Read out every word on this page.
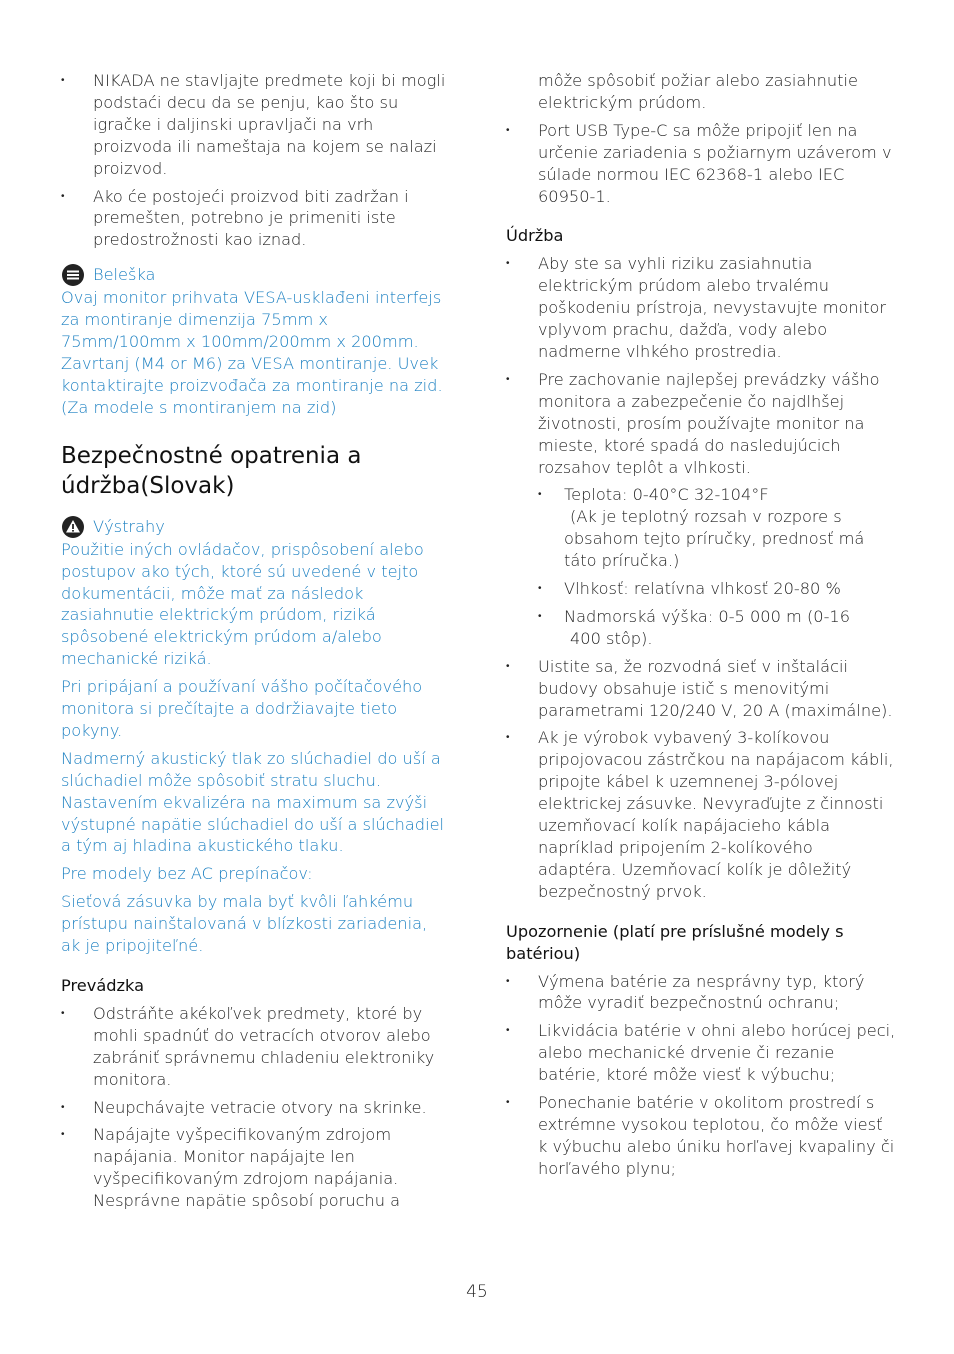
• NIKADA ne stavljajte predmete koji bi mogli podstaći decu da se penju, kao što su igračke i daljinski upravljači na vrh proizvoda ili nameštaja na kojem se nalazi proizvod.
• Ako će postojeći proizvod biti zadržan i premešten, potrebno je primeniti iste predostrožnosti kao iznad.
Beleška

Ovaj monitor prihvata VESA-usklađeni interfejs za montiranje dimenzija 75mm x 75mm/100mm x 100mm/200mm x 200mm. Zavrtanj (M4 or M6) za VESA montiranje. Uvek kontaktirajte proizvođača za montiranje na zid.(Za modele s montiranjem na zid)

Bezpečnostné opatrenia a údržba(Slovak)
Výstrahy

Použitie iných ovládačov, prispôsobení alebo postupov ako tých, ktoré sú uvedené v tejto dokumentácii, môže mať za následok zasiahnutie elektrickým prúdom, riziká spôsobené elektrickým prúdom a/alebo mechanické riziká.

Pri pripájaní a používaní vášho počítačového monitora si prečítajte a dodržiavajte tieto pokyny.

Nadmerný akustický tlak zo slúchadiel do uší a slúchadiel môže spôsobiť stratu sluchu. Nastavením ekvalizéra na maximum sa zvýši výstupné napätie slúchadiel do uší a slúchadiel a tým aj hladina akustického tlaku.

Pre modely bez AC prepínačov:

Sieťová zásuvka by mala byť kvôli ľahkému prístupu nainštalovaná v blízkosti zariadenia, ak je pripojiteľné.

Prevádzka
• Odstráňte akékoľvek predmety, ktoré by mohli spadnúť do vetracích otvorov alebo zabrániť správnemu chladeniu elektroniky monitora.
• Neupchávajte vetracie otvory na skrinke.
• Napájajte vyšpecifikovaným zdrojom napájania. Monitor napájajte len vyšpecifikovaným zdrojom napájania. Nesprávne napätie spôsobí poruchu a

môže spôsobiť požiar alebo zasiahnutie elektrickým prúdom.

• Port USB Type-C sa môže pripojiť len na určenie zariadenia s požiarnym uzáverom v súlade normou IEC 62368-1 alebo IEC 60950-1.
Údržba
• Aby ste sa vyhli riziku zasiahnutia elektrickým prúdom alebo trvalému poškodeniu prístroja, nevystavujte monitor vplyvom prachu, dažďa, vody alebo nadmerne vlhkého prostredia.
• Pre zachovanie najlepšej prevádzky vášho monitora a zabezpečenie čo najdlhšej životnosti, prosím používajte monitor na mieste, ktoré spadá do nasledujúcich rozsahov teplôt a vlhkosti.
• Teplota: 0-40°C 32-104°F
(Ak je teplotný rozsah v rozpore s obsahom tejto príručky, prednosť má táto príručka.)
• Vlhkosť: relatívna vlhkosť 20-80 %
• Nadmorská výška: 0-5 000 m (0-16
400 stôp).
• Uistite sa, že rozvodná sieť v inštalácii budovy obsahuje istič s menovitými parametrami 120/240 V, 20 A (maximálne).
• Ak je výrobok vybavený 3-kolíkovou pripojovacou zástrčkou na napájacom kábli, pripojte kábel k uzemnenej 3-pólovej elektrickej zásuvke. Nevyraďujte z činnosti uzemňovací kolík napájacieho kábla napríklad pripojením 2-kolíkového adaptéra. Uzemňovací kolík je dôležitý bezpečnostný prvok.
Upozornenie (platí pre príslušné modely s batériou)
• Výmena batérie za nesprávny typ, ktorý môže vyradiť bezpečnostnú ochranu;
• Likvidácia batérie v ohni alebo horúcej peci, alebo mechanické drvenie či rezanie batérie, ktoré môže viesť k výbuchu;
• Ponechanie batérie v okolitom prostredí s extrémne vysokou teplotou, čo môže viesť k výbuchu alebo úniku horľavej kvapaliny či horľavého plynu;
45
